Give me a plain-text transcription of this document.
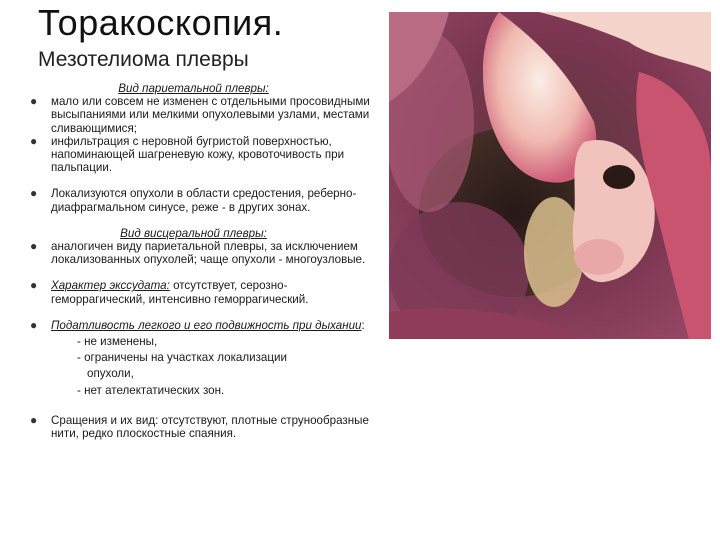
Торакоскопия.
Мезотелиома плевры
Вид париетальной плевры:
●	мало или совсем не изменен с отдельными просовидными высыпаниями или мелкими опухолевыми узлами, местами сливающимися;
●	инфильтрация с неровной бугристой поверхностью, напоминающей шагреневую кожу, кровоточивость при пальпации.
●	Локализуются опухоли в области средостения, реберно-диафрагмальном синусе, реже - в других зонах.
Вид висцеральной плевры:
●	аналогичен виду париетальной плевры, за исключением локализованных опухолей; чаще опухоли - многоузловые.
●	Характер экссудата: отсутствует, серозно-геморрагический, интенсивно геморрагический.
●	Податливость легкого и его подвижность при дыхании:
- не изменены,
- ограничены на участках локализации
опухоли,
- нет ателектатических зон.
●	Сращения и их вид: отсутствуют, плотные струнообразные нити, редко плоскостные спаяния.
